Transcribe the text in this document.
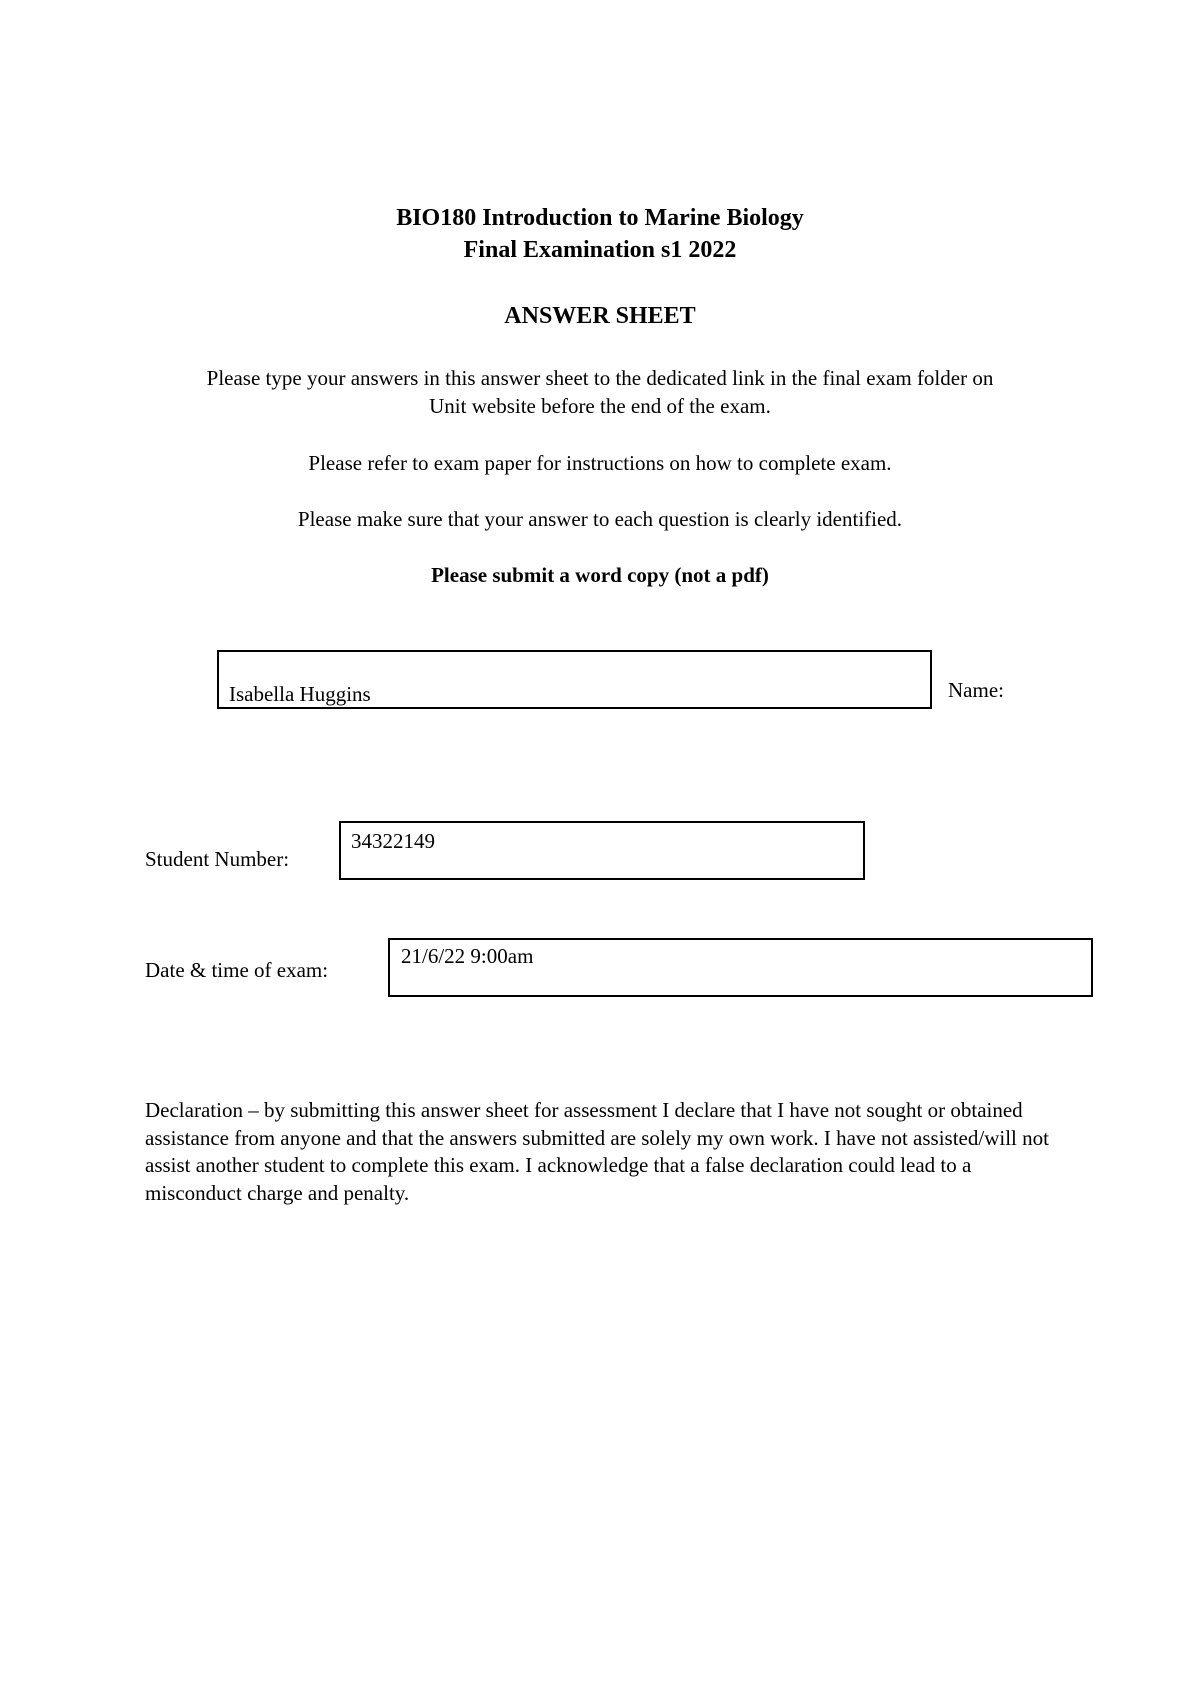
BIO180 Introduction to Marine Biology
Final Examination s1 2022
ANSWER SHEET
Please type your answers in this answer sheet to the dedicated link in the final exam folder on
Unit website before the end of the exam.
Please refer to exam paper for instructions on how to complete exam.
Please make sure that your answer to each question is clearly identified.
Please submit a word copy (not a pdf)
Isabella Huggins	Name:
Student Number:
34322149
Date & time of exam:
21/6/22 9:00am
Declaration – by submitting this answer sheet for assessment I declare that I have not sought or obtained assistance from anyone and that the answers submitted are solely my own work. I have not assisted/will not assist another student to complete this exam. I acknowledge that a false declaration could lead to a misconduct charge and penalty.
